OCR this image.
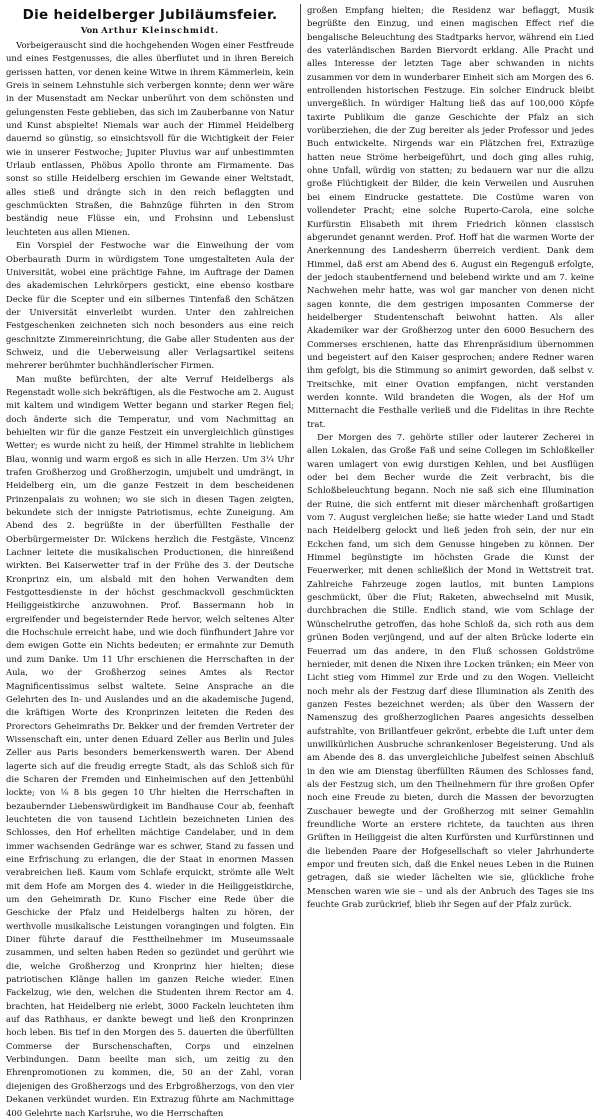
Die heidelberger Jubiläumsfeier.
Von Arthur Kleinschmidt.

Vorbeigerauscht sind die hochgehenden Wogen einer Festfreude und eines Festgenusses, die alles überflutet und in ihren Bereich gerissen hatten, vor denen keine Witwe in ihrem Kämmerlein, kein Greis in seinem Lehnstuhle sich verbergen konnte; denn wer wäre in der Musenstadt am Neckar unberührt von dem schönsten und gelungensten Feste geblieben, das sich im Zauberbanne von Natur und Kunst abspielte! Niemals war auch der Himmel Heidelberg dauernd so günstig, so einsichtsvoll für die Wichtigkeit der Feier wie in unserer Festwoche; Jupiter Pluvius war auf unbestimmten Urlaub entlassen, Phöbus Apollo thronte am Firmamente. Das sonst so stille Heidelberg erschien im Gewande einer Weltstadt, alles stieß und drängte sich in den reich beflaggten und geschmückten Straßen, die Bahnzüge führten in den Strom beständig neue Flüsse ein, und Frohsinn und Lebenslust leuchteten aus allen Mienen.

Ein Vorspiel der Festwoche war die Einweihung der vom Oberbaurath Durm in würdigstem Tone umgestalteten Aula der Universität, wobei eine prächtige Fahne, im Auftrage der Damen des akademischen Lehrkörpers gestickt, eine ebenso kostbare Decke für die Scepter und ein silbernes Tintenfaß den Schätzen der Universität einverleibt wurden. Unter den zahlreichen Festgeschenken zeichneten sich noch besonders aus eine reich geschnitzte Zimmereinrichtung, die Gabe aller Studenten aus der Schweiz, und die Ueberweisung aller Verlagsartikel seitens mehrerer berühmter buchhändlerischer Firmen.

Man mußte befürchten, der alte Verruf Heidelbergs als Regenstadt wolle sich bekräftigen, als die Festwoche am 2. August mit kaltem und windigem Wetter begann und starker Regen fiel; doch änderte sich die Temperatur, und vom Nachmittag an behielten wir für die ganze Festzeit ein unvergleichlich günstiges Wetter; es wurde nicht zu heiß, der Himmel strahlte in lieblichem Blau, wonnig und warm ergoß es sich in alle Herzen. Um 3¼ Uhr trafen Großherzog und Großherzogin, umjubelt und umdrängt, in Heidelberg ein, um die ganze Festzeit in dem bescheidenen Prinzenpalais zu wohnen; wo sie sich in diesen Tagen zeigten, bekundete sich der innigste Patriotismus, echte Zuneigung. Am Abend des 2. begrüßte in der überfüllten Festhalle der Oberbürgermeister Dr. Wilckens herzlich die Festgäste, Vincenz Lachner leitete die musikalischen Productionen, die hinreißend wirkten. Bei Kaiserwetter traf in der Frühe des 3. der Deutsche Kronprinz ein, um alsbald mit den hohen Verwandten dem Festgottesdienste in der höchst geschmackvoll geschmückten Heiliggeistkirche anzuwohnen. Prof. Bassermann hob in ergreifender und begeisternder Rede hervor, welch seltenes Alter die Hochschule erreicht habe, und wie doch fünfhundert Jahre vor dem ewigen Gotte ein Nichts bedeuten; er ermahnte zur Demuth und zum Danke. Um 11 Uhr erschienen die Herrschaften in der Aula, wo der Großherzog seines Amtes als Rector Magnificentissimus selbst waltete. Seine Ansprache an die Gelehrten des In- und Auslandes und an die akademische Jugend, die kräftigen Worte des Kronprinzen leiteten die Reden des Prorectors Geheimraths Dr. Bekker und der fremden Vertreter der Wissenschaft ein, unter denen Eduard Zeller aus Berlin und Jules Zeller aus Paris besonders bemerkenswerth waren. Der Abend lagerte sich auf die freudig erregte Stadt, als das Schloß sich für die Scharen der Fremden und Einheimischen auf den Jettenbühl lockte; von ⅛ 8 bis gegen 10 Uhr hielten die Herrschaften in bezaubernder Liebenswürdigkeit im Bandhause Cour ab, feenhaft leuchteten die von tausend Lichtlein bezeichneten Linien des Schlosses, den Hof erhellten mächtige Candelaber, und in dem immer wachsenden Gedränge war es schwer, Stand zu fassen und eine Erfrischung zu erlangen, die der Staat in enormen Massen verabreichen ließ. Kaum vom Schlafe erquickt, strömte alle Welt mit dem Hofe am Morgen des 4. wieder in die Heiliggeistkirche, um den Geheimrath Dr. Kuno Fischer eine Rede über die Geschicke der Pfalz und Heidelbergs halten zu hören, der werthvolle musikalische Leistungen vorangingen und folgten. Ein Diner führte darauf die Festtheilnehmer im Museumssaale zusammen, und selten haben Reden so gezündet und gerührt wie die, welche Großherzog und Kronprinz hier hielten; diese patriotischen Klänge hallen im ganzen Reiche wieder. Einen Fackelzug, wie den, welchen die Studenten ihrem Rector am 4. brachten, hat Heidelberg nie erlebt, 3000 Fackeln leuchteten ihm auf das Rathhaus, er dankte bewegt und ließ den Kronprinzen hoch leben. Bis tief in den Morgen des 5. dauerten die überfüllten Commerse der Burschenschaften, Corps und einzelnen Verbindungen. Dann beeilte man sich, um zeitig zu den Ehrenpromotionen zu kommen, die, 50 an der Zahl, voran diejenigen des Großherzogs und des Erbgroßherzogs, von den vier Dekanen verkündet wurden. Ein Extrazug führte am Nachmittage 400 Gelehrte nach Karlsruhe, wo die Herrschaften

großen Empfang hielten; die Residenz war beflaggt, Musik begrüßte den Einzug, und einen magischen Effect rief die bengalische Beleuchtung des Stadtparks hervor, während ein Lied des vaterländischen Barden Biervordt erklang. Alle Pracht und alles Interesse der letzten Tage aber schwanden in nichts zusammen vor dem in wunderbarer Einheit sich am Morgen des 6. entrollenden historischen Festzuge. Ein solcher Eindruck bleibt unvergeßlich. In würdiger Haltung ließ das auf 100,000 Köpfe taxirte Publikum die ganze Geschichte der Pfalz an sich vorüberziehen, die der Zug bereiter als jeder Professor und jedes Buch entwickelte. Nirgends war ein Plätzchen frei, Extrazüge hatten neue Ströme herbeigeführt, und doch ging alles ruhig, ohne Unfall, würdig von statten; zu bedauern war nur die allzu große Flüchtigkeit der Bilder, die kein Verweilen und Ausruhen bei einem Eindrucke gestattete. Die Costüme waren von vollendeter Pracht; eine solche Ruperto-Carola, eine solche Kurfürstin Elisabeth mit ihrem Friedrich können classisch abgerundet genannt werden. Prof. Hoff hat die warmen Worte der Anerkennung des Landesherrn überreich verdient. Dank dem Himmel, daß erst am Abend des 6. August ein Regenguß erfolgte, der jedoch staubentfernend und belebend wirkte und am 7. keine Nachwehen mehr hatte, was wol gar mancher von denen nicht sagen konnte, die dem gestrigen imposanten Commerse der heidelberger Studentenschaft beiwohnt hatten. Als aller Akademiker war der Großherzog unter den 6000 Besuchern des Commerses erschienen, hatte das Ehrenpräsidium übernommen und begeistert auf den Kaiser gesprochen; andere Redner waren ihm gefolgt, bis die Stimmung so animirt geworden, daß selbst v. Treitschke, mit einer Ovation empfangen, nicht verstanden werden konnte. Wild brandeten die Wogen, als der Hof um Mitternacht die Festhalle verließ und die Fidelitas in ihre Rechte trat.

Der Morgen des 7. gehörte stiller oder lauterer Zecherei in allen Lokalen, das Große Faß und seine Collegen im Schloßkeller waren umlagert von ewig durstigen Kehlen, und bei Ausflügen oder bei dem Becher wurde die Zeit verbracht, bis die Schloßbeleuchtung begann. Noch nie saß sich eine Illumination der Ruine, die sich entfernt mit dieser märchenhaft großartigen vom 7. August vergleichen ließe; sie hatte wieder Land und Stadt nach Heidelberg gelockt und ließ jeden froh sein, der nur ein Eckchen fand, um sich dem Genusse hingeben zu können. Der Himmel begünstigte im höchsten Grade die Kunst der Feuerwerker, mit denen schließlich der Mond in Wettstreit trat. Zahlreiche Fahrzeuge zogen lautlos, mit bunten Lampions geschmückt, über die Flut; Raketen, abwechselnd mit Musik, durchbrachen die Stille. Endlich stand, wie vom Schlage der Wünschelruthe getroffen, das hohe Schloß da, sich roth aus dem grünen Boden verjüngend, und auf der alten Brücke loderte ein Feuerrad um das andere, in den Fluß schossen Goldströme hernieder, mit denen die Nixen ihre Locken tränken; ein Meer von Licht stieg vom Himmel zur Erde und zu den Wogen. Vielleicht noch mehr als der Festzug darf diese Illumination als Zenith des ganzen Festes bezeichnet werden; als über den Wassern der Namenszug des großherzoglichen Paares angesichts desselben aufstrahlte, von Brillantfeuer gekrönt, erbebte die Luft unter dem unwillkürlichen Ausbruche schrankenloser Begeisterung. Und als am Abende des 8. das unvergleichliche Jubelfest seinen Abschluß in den wie am Dienstag überfüllten Räumen des Schlosses fand, als der Festzug sich, um den Theilnehmern für ihre großen Opfer noch eine Freude zu bieten, durch die Massen der bevorzugten Zuschauer bewegte und der Großherzog mit seiner Gemahlin freundliche Worte an erstere richtete, da tauchten aus ihren Grüften in Heiliggeist die alten Kurfürsten und Kurfürstinnen und die liebenden Paare der Hofgesellschaft so vieler Jahrhunderte empor und freuten sich, daß die Enkel neues Leben in die Ruinen getragen, daß sie wieder lächelten wie sie, glückliche frohe Menschen waren wie sie – und als der Anbruch des Tages sie ins feuchte Grab zurückrief, blieb ihr Segen auf der Pfalz zurück.
